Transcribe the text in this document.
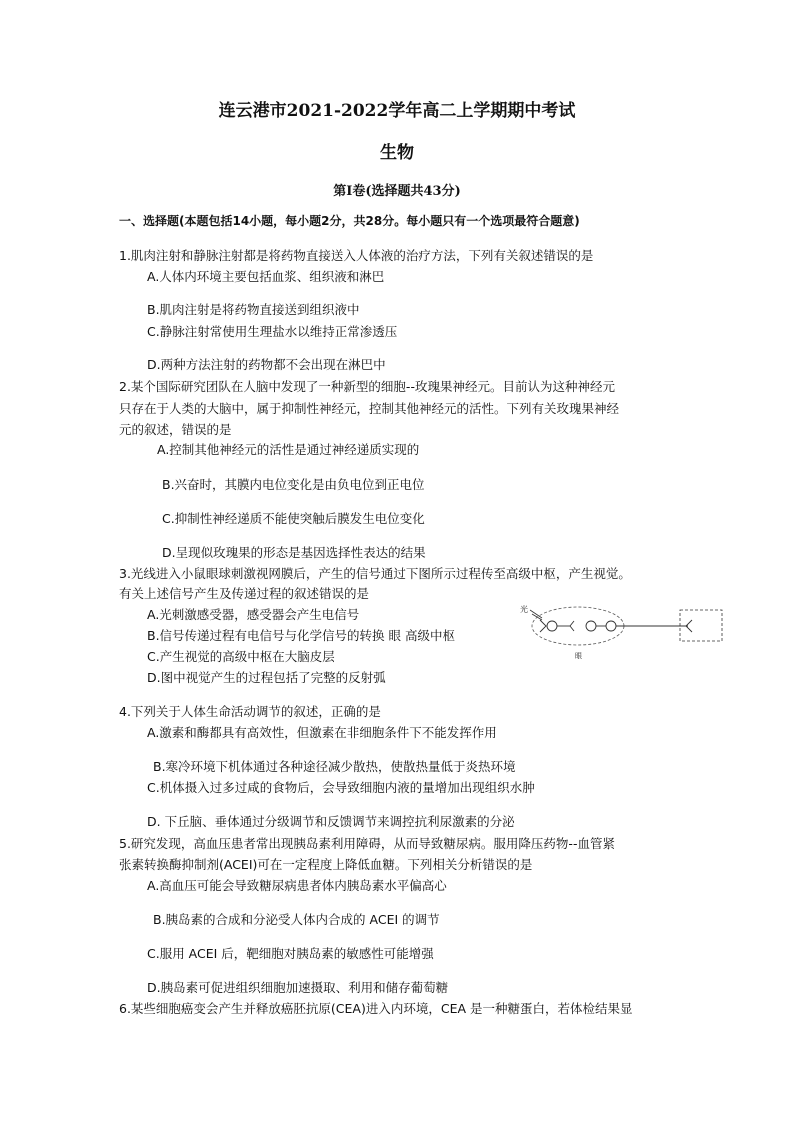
连云港市2021-2022学年高二上学期期中考试
生物
第I卷(选择题共43分)
一、选择题(本题包括14小题，每小题2分，共28分。每小题只有一个选项最符合题意)
1.肌肉注射和静脉注射都是将药物直接送入人体液的治疗方法，下列有关叙述错误的是
A.人体内环境主要包括血浆、组织液和淋巴
B.肌肉注射是将药物直接送到组织液中
C.静脉注射常使用生理盐水以维持正常渗透压
D.两种方法注射的药物都不会出现在淋巴中
2.某个国际研究团队在人脑中发现了一种新型的细胞--玫瑰果神经元。目前认为这种神经元
只存在于人类的大脑中，属于抑制性神经元，控制其他神经元的活性。下列有关玫瑰果神经
元的叙述，错误的是
A.控制其他神经元的活性是通过神经递质实现的
B.兴奋时，其膜内电位变化是由负电位到正电位
C.抑制性神经递质不能使突触后膜发生电位变化
D.呈现似玫瑰果的形态是基因选择性表达的结果
3.光线进入小鼠眼球刺激视网膜后，产生的信号通过下图所示过程传至高级中枢，产生视觉。
有关上述信号产生及传递过程的叙述错误的是
A.光刺激感受器，感受器会产生电信号
B.信号传递过程有电信号与化学信号的转换 眼 高级中枢
C.产生视觉的高级中枢在大脑皮层
D.图中视觉产生的过程包括了完整的反射弧
光
眼
4.下列关于人体生命活动调节的叙述，正确的是
A.激素和酶都具有高效性，但激素在非细胞条件下不能发挥作用
B.寒冷环境下机体通过各种途径减少散热，使散热量低于炎热环境
C.机体摄入过多过咸的食物后，会导致细胞内液的量增加出现组织水肿
D. 下丘脑、垂体通过分级调节和反馈调节来调控抗利尿激素的分泌
5.研究发现，高血压患者常出现胰岛素利用障碍，从而导致糖尿病。服用降压药物--血管紧
张素转换酶抑制剂(ACEI)可在一定程度上降低血糖。下列相关分析错误的是
A.高血压可能会导致糖尿病患者体内胰岛素水平偏高心
B.胰岛素的合成和分泌受人体内合成的 ACEI 的调节
C.服用 ACEI 后，靶细胞对胰岛素的敏感性可能增强
D.胰岛素可促进组织细胞加速摄取、利用和储存葡萄糖
6.某些细胞癌变会产生并释放癌胚抗原(CEA)进入内环境，CEA 是一种糖蛋白，若体检结果显
